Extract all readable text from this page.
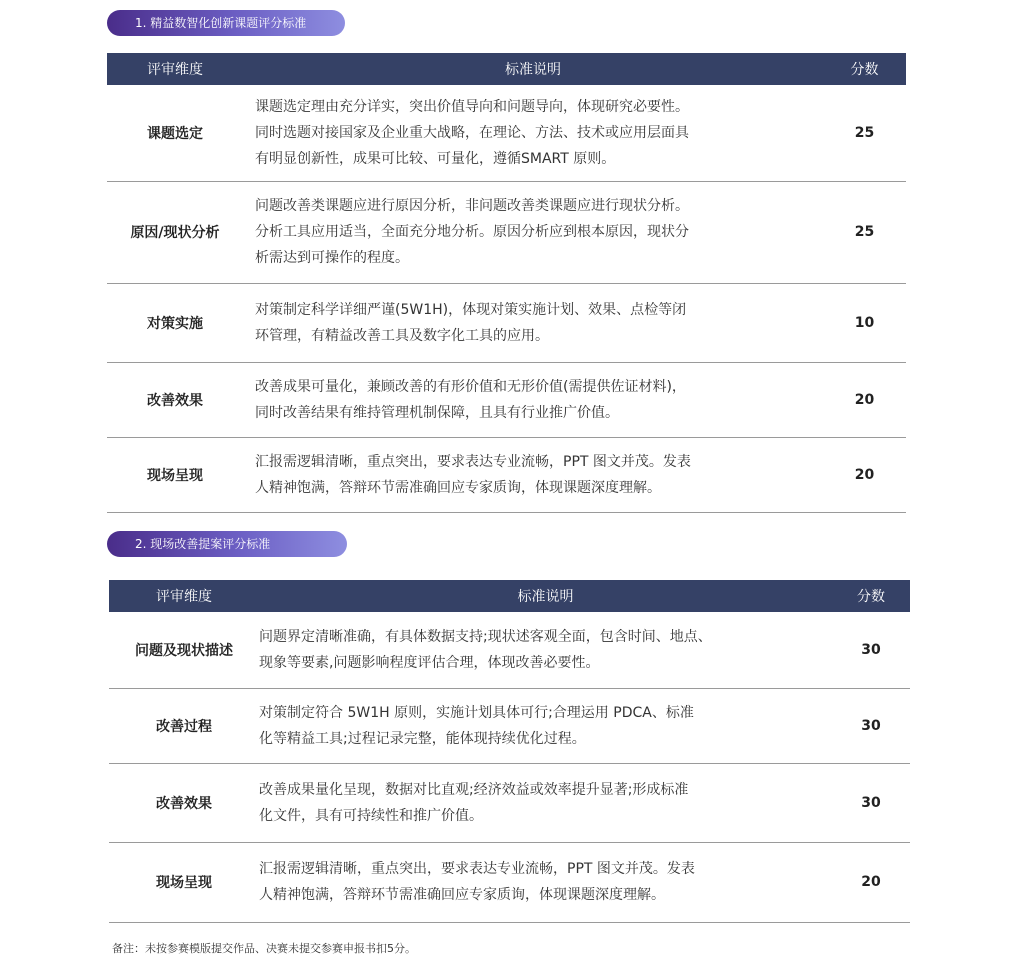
1. 精益数智化创新课题评分标准
评审维度	标准说明	分数
课题选定	课题选定理由充分详实，突出价值导向和问题导向，体现研究必要性。
同时选题对接国家及企业重大战略，在理论、方法、技术或应用层面具
有明显创新性，成果可比较、可量化，遵循SMART 原则。	25
原因/现状分析	问题改善类课题应进行原因分析，非问题改善类课题应进行现状分析。
分析工具应用适当，全面充分地分析。原因分析应到根本原因，现状分
析需达到可操作的程度。	25
对策实施	对策制定科学详细严谨(5W1H)，体现对策实施计划、效果、点检等闭
环管理，有精益改善工具及数字化工具的应用。	10
改善效果	改善成果可量化，兼顾改善的有形价值和无形价值(需提供佐证材料)，
同时改善结果有维持管理机制保障，且具有行业推广价值。	20
现场呈现	汇报需逻辑清晰，重点突出，要求表达专业流畅，PPT 图文并茂。发表
人精神饱满，答辩环节需准确回应专家质询，体现课题深度理解。	20
2. 现场改善提案评分标准
评审维度	标准说明	分数
问题及现状描述	问题界定清晰准确，有具体数据支持;现状述客观全面，包含时间、地点、
现象等要素,问题影响程度评估合理，体现改善必要性。	30
改善过程	对策制定符合 5W1H 原则，实施计划具体可行;合理运用 PDCA、标准
化等精益工具;过程记录完整，能体现持续优化过程。	30
改善效果	改善成果量化呈现，数据对比直观;经济效益或效率提升显著;形成标准
化文件，具有可持续性和推广价值。	30
现场呈现	汇报需逻辑清晰，重点突出，要求表达专业流畅，PPT 图文并茂。发表
人精神饱满，答辩环节需准确回应专家质询，体现课题深度理解。	20
备注：未按参赛模版提交作品、决赛未提交参赛申报书扣5分。
